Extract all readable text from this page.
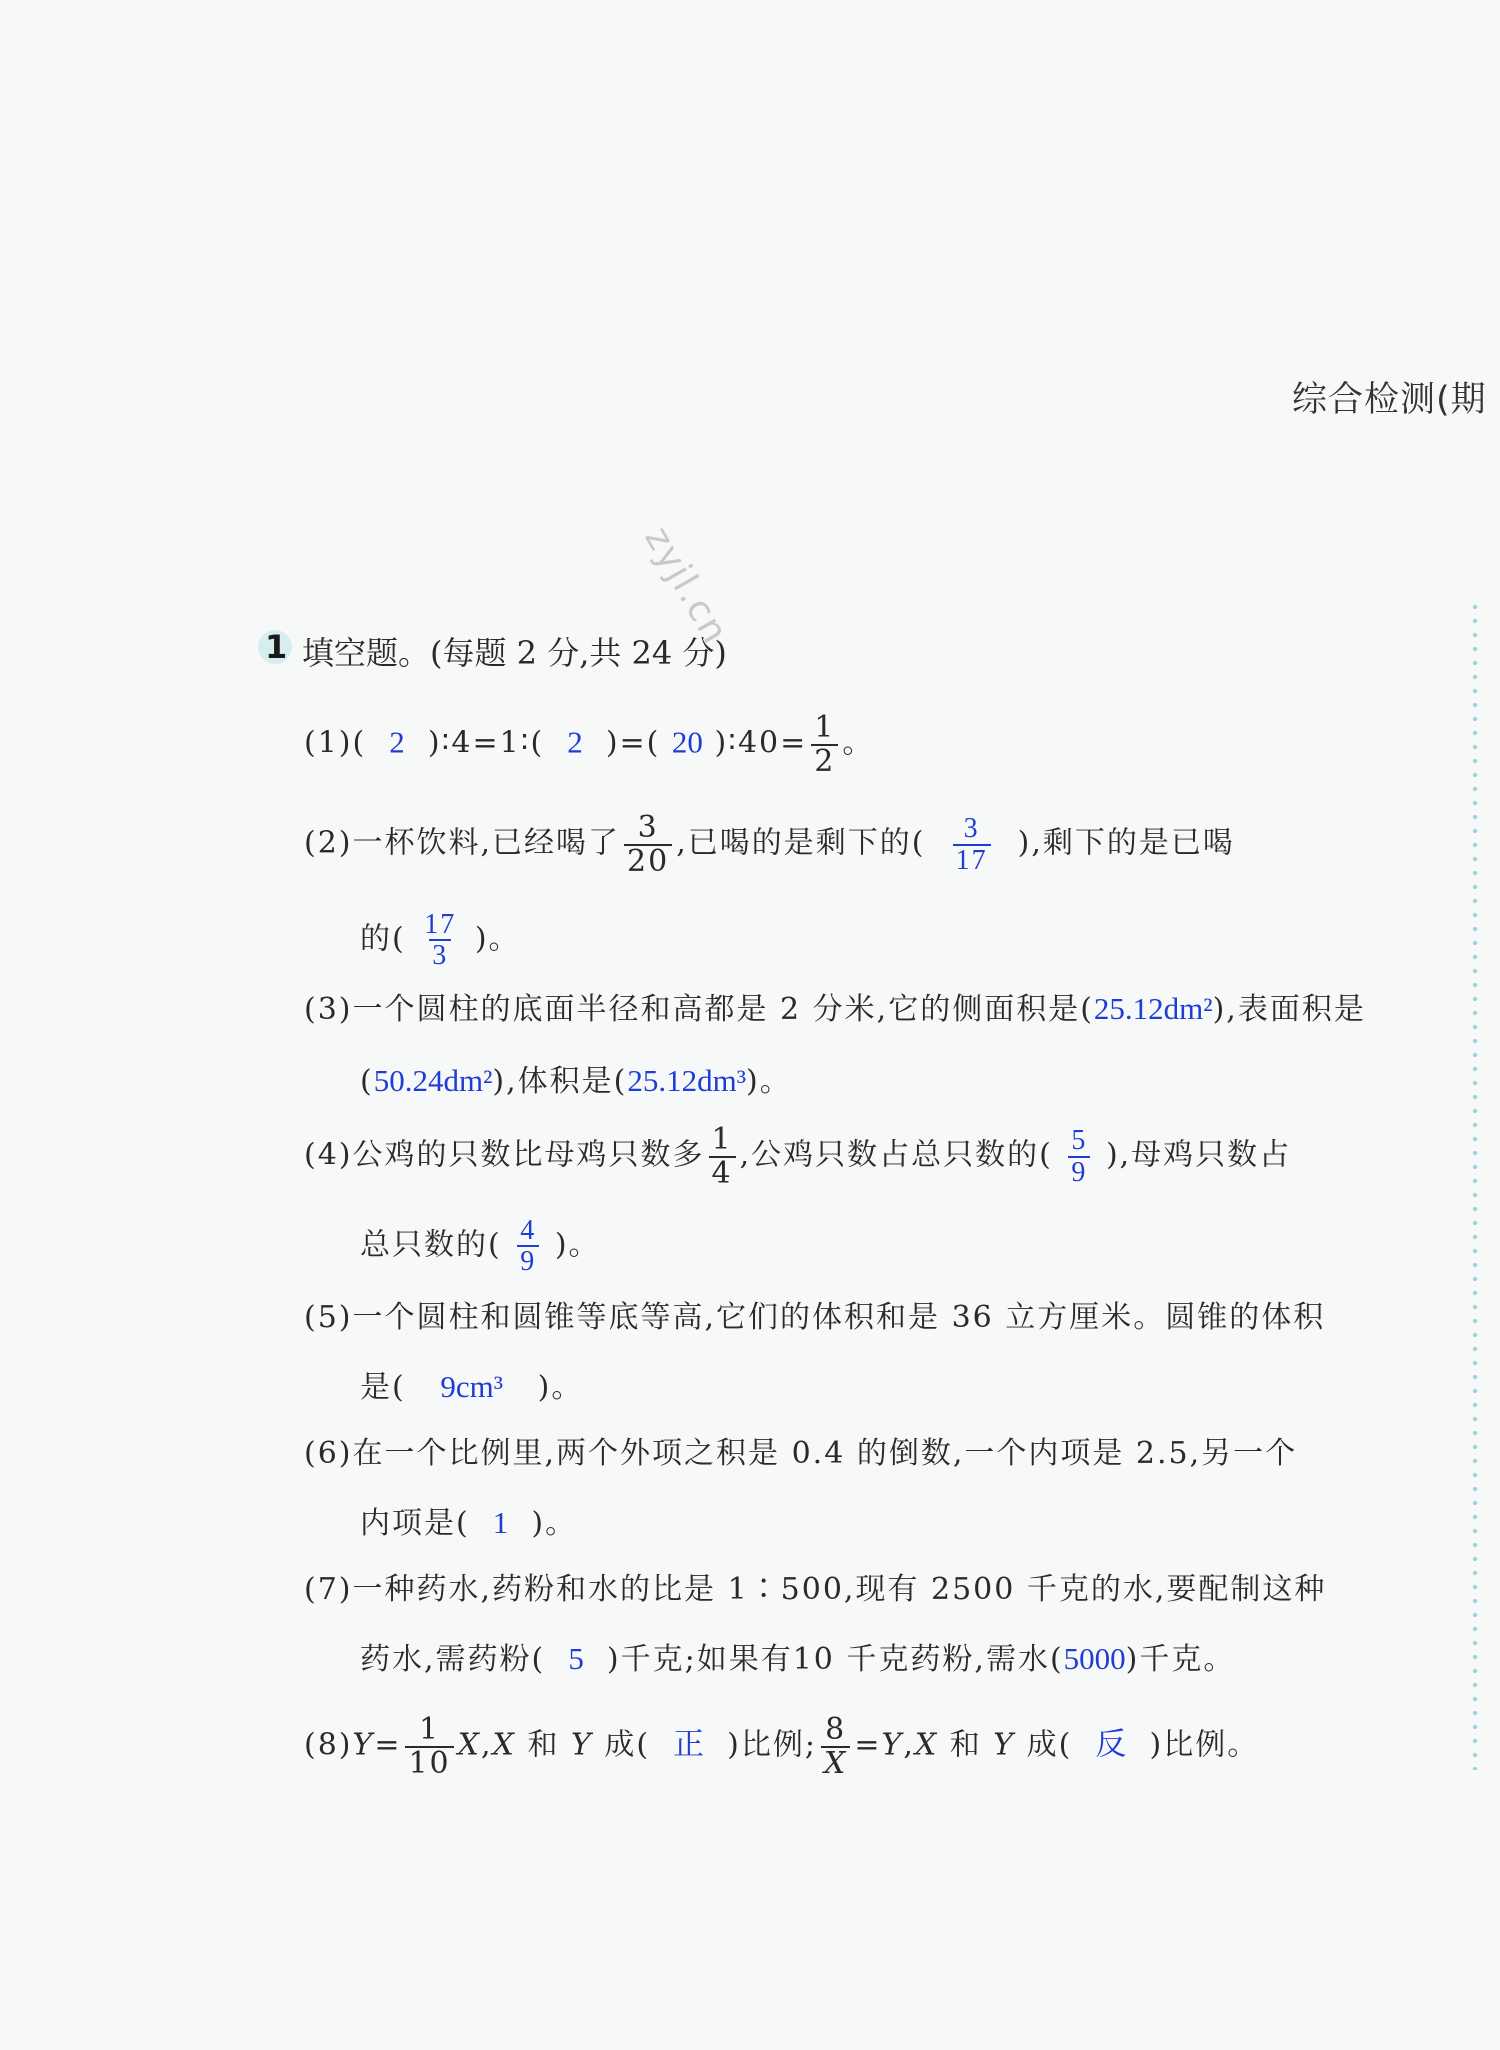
综合检测(期
zyjl.cn
1 填空题。(每题 2 分,共 24 分)
(1)(  2  )∶4=1∶(  2  )=( 20 )∶40= $\frac{1}{2}$ 。
(2)一杯饮料,已经喝了 $\frac{3}{20}$ ,已喝的是剩下的( $\frac{3}{17}$ ),剩下的是已喝
的( $\frac{17}{3}$ )。
(3)一个圆柱的底面半径和高都是 2 分米,它的侧面积是(25.12dm²),表面积是
(50.24dm²),体积是(25.12dm³)。
(4)公鸡的只数比母鸡只数多 $\frac{1}{4}$ ,公鸡只数占总只数的( $\frac{5}{9}$ ),母鸡只数占
总只数的( $\frac{4}{9}$ )。
(5)一个圆柱和圆锥等底等高,它们的体积和是 36 立方厘米。圆锥的体积
是( 9cm³ )。
(6)在一个比例里,两个外项之积是 0.4 的倒数,一个内项是 2.5,另一个
内项是( 1 )。
(7)一种药水,药粉和水的比是 1∶500,现有 2500 千克的水,要配制这种
药水,需药粉( 5 )千克;如果有10 千克药粉,需水(5000)千克。
$(8)Y= \frac{1}{10} X,X$ 和 Y 成(  正  )比例; $\frac{8}{X} =Y,X$ 和 Y 成(  反  )比例。
